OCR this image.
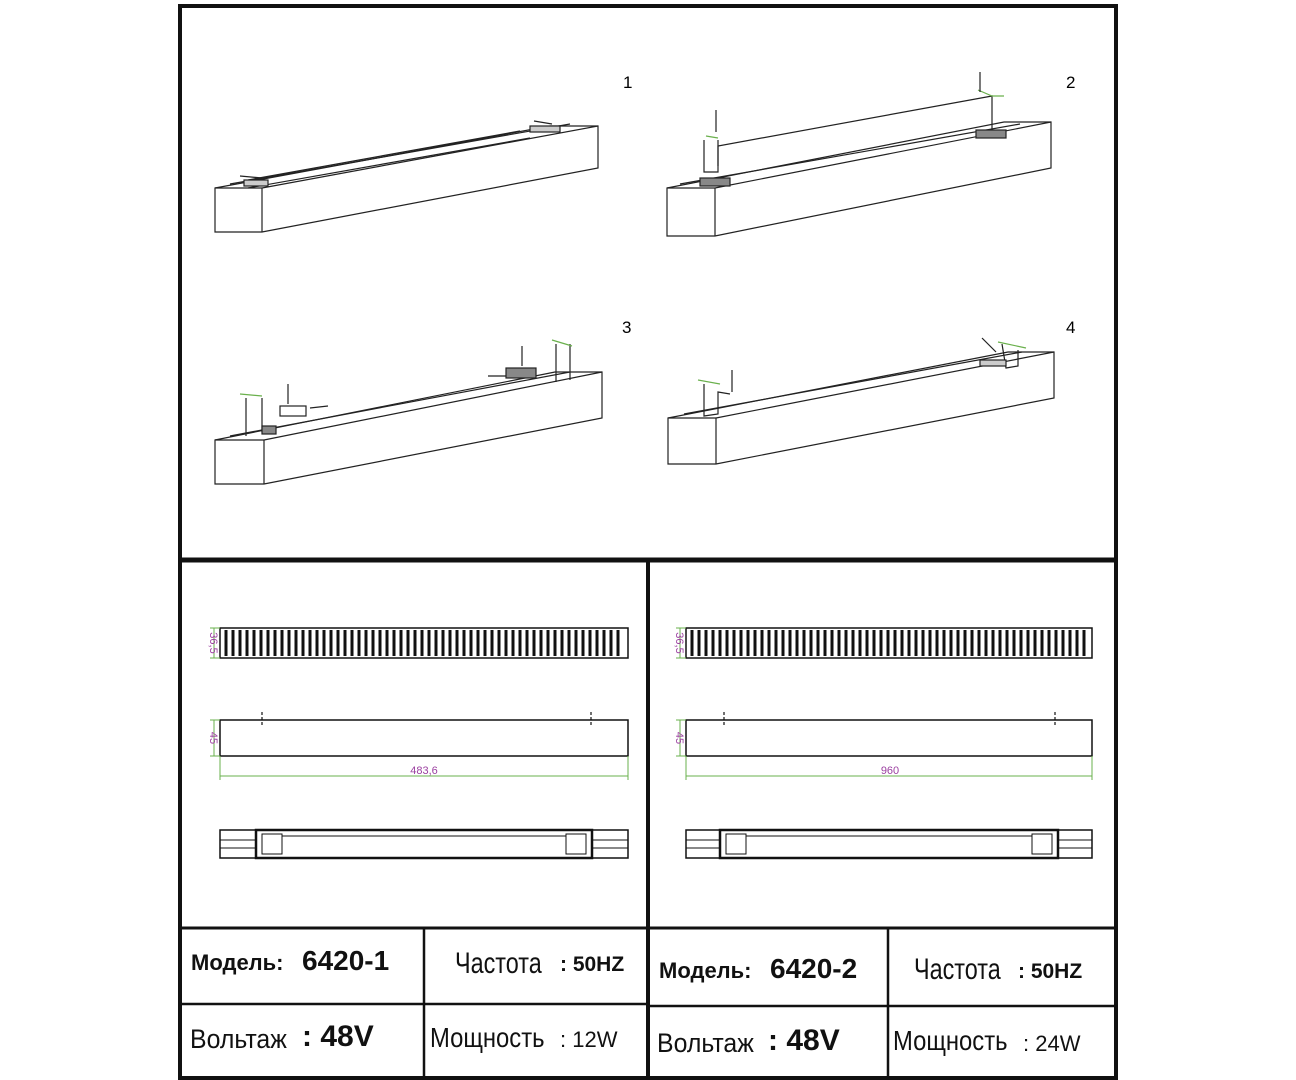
1	2
3	4
36,5
45
483,6
36,5
45
960
Модель: 6420-1 Частота : 50HZ
Вольтаж : 48V Мощность : 12W
Модель: 6420-2 Частота : 50HZ
Вольтаж : 48V Мощность : 24W
